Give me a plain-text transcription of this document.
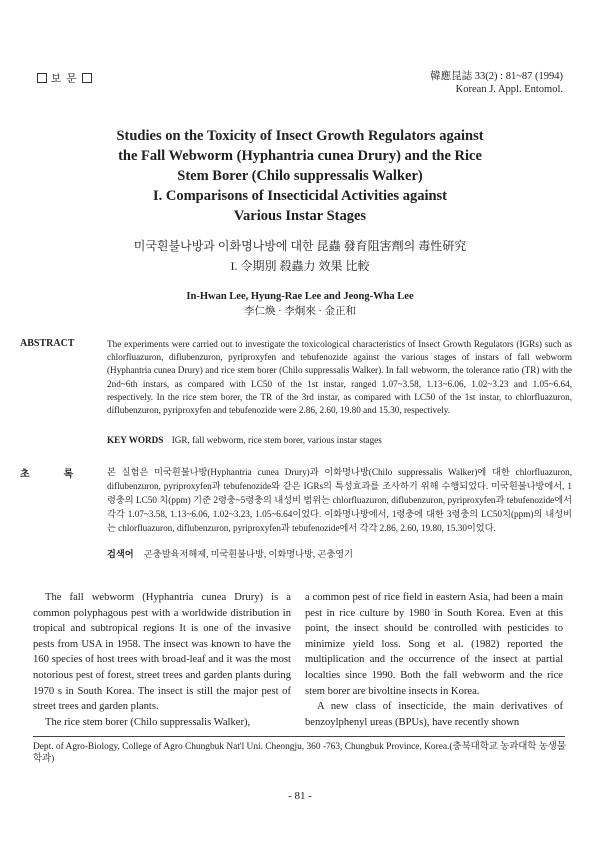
보 문	韓應昆誌 33(2) : 81~87 (1994)
Korean J. Appl. Entomol.
Studies on the Toxicity of Insect Growth Regulators against
the Fall Webworm (Hyphantria cunea Drury) and the Rice
Stem Borer (Chilo suppressalis Walker)
I. Comparisons of Insecticidal Activities against
Various Instar Stages
미국흰불나방과 이화명나방에 대한 昆蟲 發育阻害劑의 毒性硏究
I. 令期別 殺蟲力 效果 比較
In-Hwan Lee, Hyung-Rae Lee and Jeong-Wha Lee
李仁煥 · 李炯來 · 金正和
ABSTRACT	The experiments were carried out to investigate the toxicological characteristics of Insect Growth Regulators (IGRs) such as chlorfluazuron, diflubenzuron, pyriproxyfen and tebufenozide against the various stages of instars of fall webworm (Hyphantria cunea Drury) and rice stem borer (Chilo suppressalis Walker). In fall webworm, the tolerance ratio (TR) with the 2nd~6th instars, as compared with LC50 of the 1st instar, ranged 1.07~3.58, 1.13~6.06, 1.02~3.23 and 1.05~6.64, respectively. In the rice stem borer, the TR of the 3rd instar, as compared with LC50 of the 1st instar, to chlorfluazuron, diflubenzuron, pyriproxyfen and tebufenozide were 2.86, 2.60, 19.80 and 15.30, respectively.
KEY WORDS IGR, fall webworm, rice stem borer, various instar stages
초록 본 실험은 미국흰불나방(Hyphantria cunea Drury)과 이화명나방(Chilo suppressalis Walker)에 대한 chlorfluazuron, diflubenzuron, pyriproxyfen과 tebufenozide와 같은 IGRs의 특성효과를 조사하기 위해 수행되었다. 미국흰불나방에서, 1령충의 LC50 치(ppm) 기준 2령충~5령충의 내성비 범위는 chlorfluazuron, diflubenzuron, pyriproxyfen과 tebufenozide에서 각각 1.07~3.58, 1.13~6.06, 1.02~3.23, 1.05~6.64이었다. 이화명나방에서, 1령충에 대한 3령충의 LC50치(ppm)의 내성비는 chlorfluazuron, diflubenzuron, pyriproxyfen과 tebufenozide에서 각각 2.86, 2.60, 19.80, 15.30이었다.
검색어 곤충발육저해제, 미국흰불나방, 이화명나방, 곤충영기

The fall webworm (Hyphantria cunea Drury) is a common polyphagous pest with a worldwide distribution in tropical and subtropical regions It is one of the invasive pests from USA in 1958. The insect was known to have the 160 species of host trees with broad-leaf and it was the most notorious pest of forest, street trees and garden plants during 1970 s in South Korea. The insect is still the major pest of street trees and garden plants.

The rice stem borer (Chilo suppressalis Walker),

a common pest of rice field in eastern Asia, had been a main pest in rice culture by 1980 in South Korea. Even at this point, the insect should be controlled with pesticides to minimize yield loss. Song et al. (1982) reported the multiplication and the occurrence of the insect at partial localties since 1990. Both the fall webworm and the rice stem borer are bivoltine insects in Korea.

A new class of insecticide, the main derivatives of benzoylphenyl ureas (BPUs), have recently shown

Dept. of Agro-Biology, College of Agro Chungbuk Nat'l Uni. Cheongju, 360 -763, Chungbuk Province, Korea.(충북대학교 농과대학 농생물학과)
- 81 -
